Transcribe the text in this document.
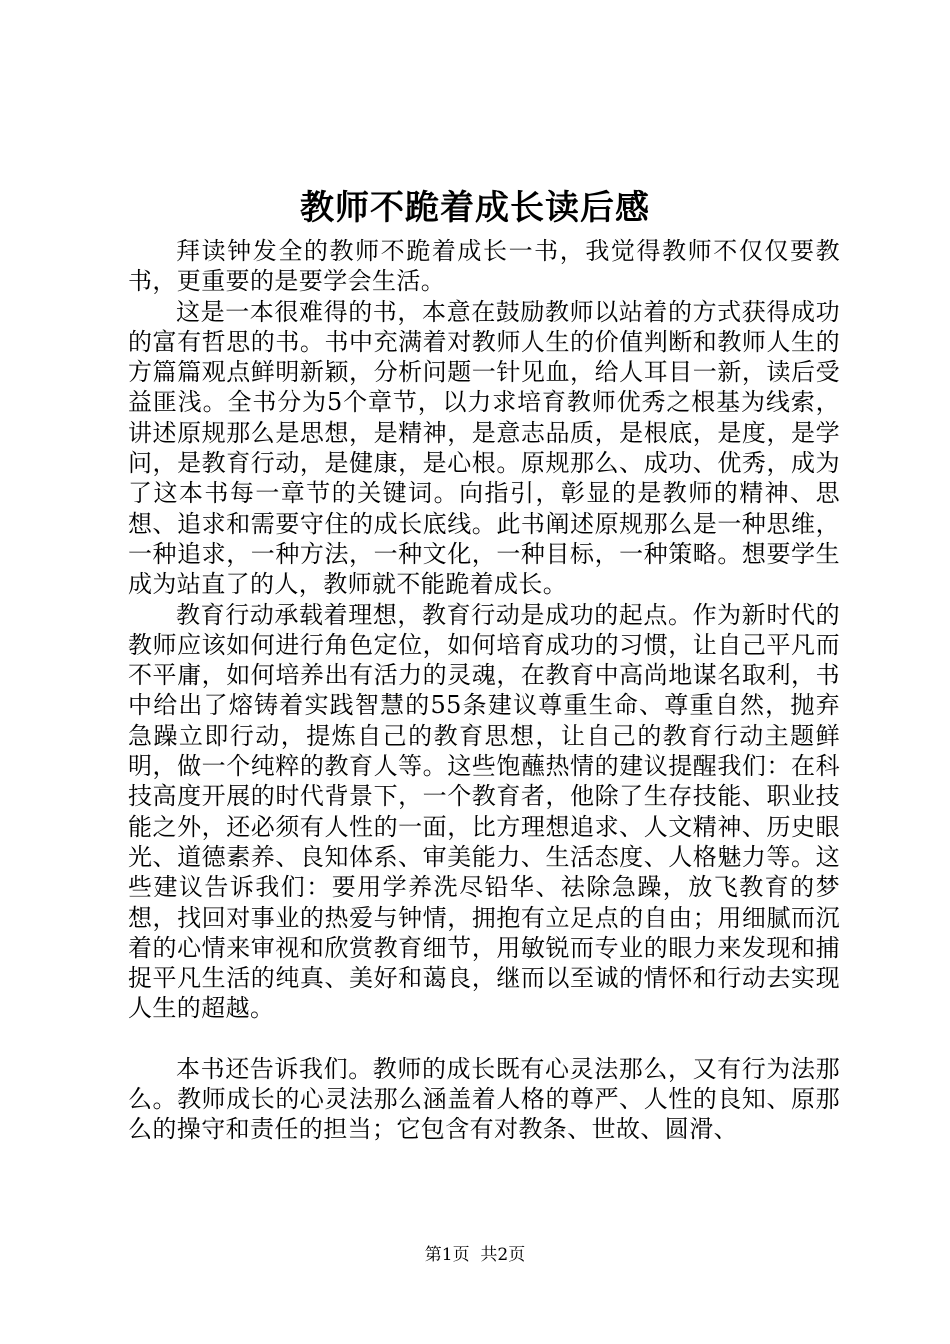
教师不跪着成长读后感

拜读钟发全的教师不跪着成长一书，我觉得教师不仅仅要教书，更重要的是要学会生活。

这是一本很难得的书，本意在鼓励教师以站着的方式获得成功的富有哲思的书。书中充满着对教师人生的价值判断和教师人生的方篇篇观点鲜明新颖，分析问题一针见血，给人耳目一新，读后受益匪浅。全书分为5个章节，以力求培育教师优秀之根基为线索，讲述原规那么是思想，是精神，是意志品质，是根底，是度，是学问，是教育行动，是健康，是心根。原规那么、成功、优秀，成为了这本书每一章节的关键词。向指引，彰显的是教师的精神、思想、追求和需要守住的成长底线。此书阐述原规那么是一种思维，一种追求，一种方法，一种文化，一种目标，一种策略。想要学生成为站直了的人，教师就不能跪着成长。

教育行动承载着理想，教育行动是成功的起点。作为新时代的教师应该如何进行角色定位，如何培育成功的习惯，让自己平凡而不平庸，如何培养出有活力的灵魂，在教育中高尚地谋名取利，书中给出了熔铸着实践智慧的55条建议尊重生命、尊重自然，抛弃急躁立即行动，提炼自己的教育思想，让自己的教育行动主题鲜明，做一个纯粹的教育人等。这些饱蘸热情的建议提醒我们：在科技高度开展的时代背景下，一个教育者，他除了生存技能、职业技能之外，还必须有人性的一面，比方理想追求、人文精神、历史眼光、道德素养、良知体系、审美能力、生活态度、人格魅力等。这些建议告诉我们：要用学养洗尽铅华、祛除急躁，放飞教育的梦想，找回对事业的热爱与钟情，拥抱有立足点的自由；用细腻而沉着的心情来审视和欣赏教育细节，用敏锐而专业的眼力来发现和捕捉平凡生活的纯真、美好和蔼良，继而以至诚的情怀和行动去实现人生的超越。

本书还告诉我们。教师的成长既有心灵法那么，又有行为法那么。教师成长的心灵法那么涵盖着人格的尊严、人性的良知、原那么的操守和责任的担当；它包含有对教条、世故、圆滑、

第1页 共2页
